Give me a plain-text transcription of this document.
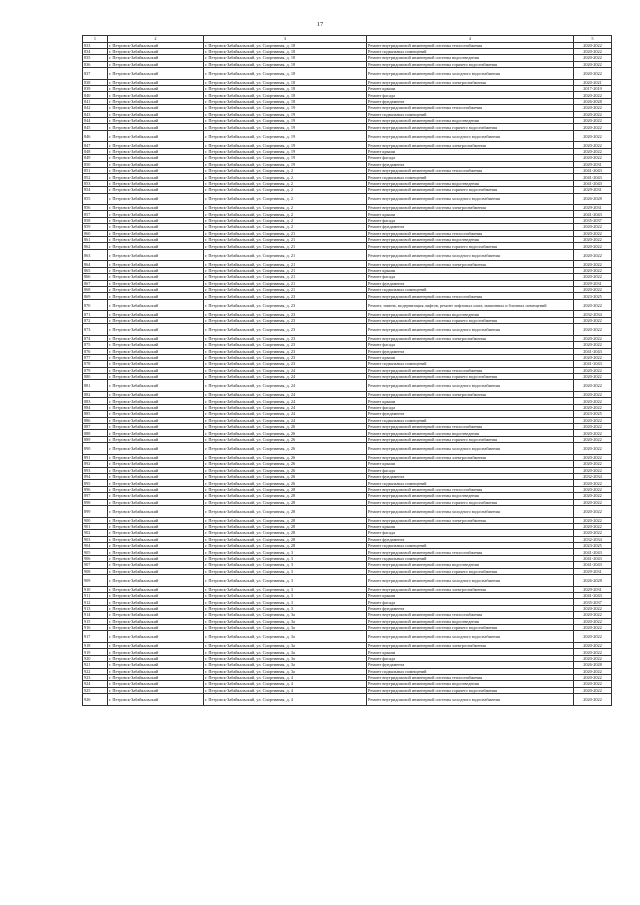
17
1	2	3	4	5
833	г. Петровск-Забайкальский	г. Петровск-Забайкальский, ул. Спортивная, д. 18	Ремонт внутридомовой инженерной системы теплоснабжения	2020-2022
834	г. Петровск-Забайкальский	г. Петровск-Забайкальский, ул. Спортивная, д. 18	Ремонт подвальных помещений	2020-2022
835	г. Петровск-Забайкальский	г. Петровск-Забайкальский, ул. Спортивная, д. 18	Ремонт внутридомовой инженерной системы водоотведения	2020-2022
836	г. Петровск-Забайкальский	г. Петровск-Забайкальский, ул. Спортивная, д. 18	Ремонт внутридомовой инженерной системы горячего водоснабжения	2020-2022
837	г. Петровск-Забайкальский	г. Петровск-Забайкальский, ул. Спортивная, д. 18	Ремонт внутридомовой инженерной системы холодного водоснабжения	2020-2022
838	г. Петровск-Забайкальский	г. Петровск-Забайкальский, ул. Спортивная, д. 18	Ремонт внутридомовой инженерной системы электроснабжения	2020-2021
839	г. Петровск-Забайкальский	г. Петровск-Забайкальский, ул. Спортивная, д. 18	Ремонт крыши	2017-2019
840	г. Петровск-Забайкальский	г. Петровск-Забайкальский, ул. Спортивная, д. 18	Ремонт фасада	2020-2022
841	г. Петровск-Забайкальский	г. Петровск-Забайкальский, ул. Спортивная, д. 18	Ремонт фундамента	2026-2028
842	г. Петровск-Забайкальский	г. Петровск-Забайкальский, ул. Спортивная, д. 19	Ремонт внутридомовой инженерной системы теплоснабжения	2020-2022
843	г. Петровск-Забайкальский	г. Петровск-Забайкальский, ул. Спортивная, д. 19	Ремонт подвальных помещений	2020-2022
844	г. Петровск-Забайкальский	г. Петровск-Забайкальский, ул. Спортивная, д. 19	Ремонт внутридомовой инженерной системы водоотведения	2020-2022
845	г. Петровск-Забайкальский	г. Петровск-Забайкальский, ул. Спортивная, д. 19	Ремонт внутридомовой инженерной системы горячего водоснабжения	2020-2022
846	г. Петровск-Забайкальский	г. Петровск-Забайкальский, ул. Спортивная, д. 19	Ремонт внутридомовой инженерной системы холодного водоснабжения	2020-2022
847	г. Петровск-Забайкальский	г. Петровск-Забайкальский, ул. Спортивная, д. 19	Ремонт внутридомовой инженерной системы электроснабжения	2020-2022
848	г. Петровск-Забайкальский	г. Петровск-Забайкальский, ул. Спортивная, д. 19	Ремонт крыши	2020-2022
849	г. Петровск-Забайкальский	г. Петровск-Забайкальский, ул. Спортивная, д. 19	Ремонт фасада	2020-2022
850	г. Петровск-Забайкальский	г. Петровск-Забайкальский, ул. Спортивная, д. 19	Ремонт фундамента	2029-2031
851	г. Петровск-Забайкальский	г. Петровск-Забайкальский, ул. Спортивная, д. 2	Ремонт внутридомовой инженерной системы теплоснабжения	2041-2043
852	г. Петровск-Забайкальский	г. Петровск-Забайкальский, ул. Спортивная, д. 2	Ремонт подвальных помещений	2041-2043
853	г. Петровск-Забайкальский	г. Петровск-Забайкальский, ул. Спортивная, д. 2	Ремонт внутридомовой инженерной системы водоотведения	2041-2043
854	г. Петровск-Забайкальский	г. Петровск-Забайкальский, ул. Спортивная, д. 2	Ремонт внутридомовой инженерной системы горячего водоснабжения	2029-2031
855	г. Петровск-Забайкальский	г. Петровск-Забайкальский, ул. Спортивная, д. 2	Ремонт внутридомовой инженерной системы холодного водоснабжения	2026-2028
856	г. Петровск-Забайкальский	г. Петровск-Забайкальский, ул. Спортивная, д. 2	Ремонт внутридомовой инженерной системы электроснабжения	2029-2031
857	г. Петровск-Забайкальский	г. Петровск-Забайкальский, ул. Спортивная, д. 2	Ремонт крыши	2041-2043
858	г. Петровск-Забайкальский	г. Петровск-Забайкальский, ул. Спортивная, д. 2	Ремонт фасада	2035-2037
859	г. Петровск-Забайкальский	г. Петровск-Забайкальский, ул. Спортивная, д. 2	Ремонт фундамента	2020-2022
860	г. Петровск-Забайкальский	г. Петровск-Забайкальский, ул. Спортивная, д. 21	Ремонт внутридомовой инженерной системы теплоснабжения	2020-2022
861	г. Петровск-Забайкальский	г. Петровск-Забайкальский, ул. Спортивная, д. 21	Ремонт внутридомовой инженерной системы водоотведения	2020-2022
862	г. Петровск-Забайкальский	г. Петровск-Забайкальский, ул. Спортивная, д. 21	Ремонт внутридомовой инженерной системы горячего водоснабжения	2020-2022
863	г. Петровск-Забайкальский	г. Петровск-Забайкальский, ул. Спортивная, д. 21	Ремонт внутридомовой инженерной системы холодного водоснабжения	2020-2022
864	г. Петровск-Забайкальский	г. Петровск-Забайкальский, ул. Спортивная, д. 21	Ремонт внутридомовой инженерной системы электроснабжения	2020-2022
865	г. Петровск-Забайкальский	г. Петровск-Забайкальский, ул. Спортивная, д. 21	Ремонт крыши	2020-2022
866	г. Петровск-Забайкальский	г. Петровск-Забайкальский, ул. Спортивная, д. 21	Ремонт фасада	2020-2022
867	г. Петровск-Забайкальский	г. Петровск-Забайкальский, ул. Спортивная, д. 21	Ремонт фундамента	2029-2031
868	г. Петровск-Забайкальский	г. Петровск-Забайкальский, ул. Спортивная, д. 21	Ремонт подвальных помещений	2020-2022
869	г. Петровск-Забайкальский	г. Петровск-Забайкальский, ул. Спортивная, д. 23	Ремонт внутридомовой инженерной системы теплоснабжения	2023-2025
870	г. Петровск-Забайкальский	г. Петровск-Забайкальский, ул. Спортивная, д. 23	Ремонт, замена, модернизация лифтов, ремонт лифтовых шахт, машинных и блочных помещений	2020-2022
871	г. Петровск-Забайкальский	г. Петровск-Забайкальский, ул. Спортивная, д. 23	Ремонт внутридомовой инженерной системы водоотведения	2032-2034
872	г. Петровск-Забайкальский	г. Петровск-Забайкальский, ул. Спортивная, д. 23	Ремонт внутридомовой инженерной системы горячего водоснабжения	2020-2022
873	г. Петровск-Забайкальский	г. Петровск-Забайкальский, ул. Спортивная, д. 23	Ремонт внутридомовой инженерной системы холодного водоснабжения	2020-2022
874	г. Петровск-Забайкальский	г. Петровск-Забайкальский, ул. Спортивная, д. 23	Ремонт внутридомовой инженерной системы электроснабжения	2020-2022
875	г. Петровск-Забайкальский	г. Петровск-Забайкальский, ул. Спортивная, д. 23	Ремонт фасада	2020-2022
876	г. Петровск-Забайкальский	г. Петровск-Забайкальский, ул. Спортивная, д. 23	Ремонт фундамента	2041-2043
877	г. Петровск-Забайкальский	г. Петровск-Забайкальский, ул. Спортивная, д. 23	Ремонт крыши	2020-2022
878	г. Петровск-Забайкальский	г. Петровск-Забайкальский, ул. Спортивная, д. 23	Ремонт подвальных помещений	2041-2043
879	г. Петровск-Забайкальский	г. Петровск-Забайкальский, ул. Спортивная, д. 24	Ремонт внутридомовой инженерной системы теплоснабжения	2020-2022
880	г. Петровск-Забайкальский	г. Петровск-Забайкальский, ул. Спортивная, д. 24	Ремонт внутридомовой инженерной системы горячего водоснабжения	2020-2022
881	г. Петровск-Забайкальский	г. Петровск-Забайкальский, ул. Спортивная, д. 24	Ремонт внутридомовой инженерной системы холодного водоснабжения	2020-2022
882	г. Петровск-Забайкальский	г. Петровск-Забайкальский, ул. Спортивная, д. 24	Ремонт внутридомовой инженерной системы электроснабжения	2020-2022
883	г. Петровск-Забайкальский	г. Петровск-Забайкальский, ул. Спортивная, д. 24	Ремонт крыши	2020-2022
884	г. Петровск-Забайкальский	г. Петровск-Забайкальский, ул. Спортивная, д. 24	Ремонт фасада	2020-2022
885	г. Петровск-Забайкальский	г. Петровск-Забайкальский, ул. Спортивная, д. 24	Ремонт фундамента	2023-2025
886	г. Петровск-Забайкальский	г. Петровск-Забайкальский, ул. Спортивная, д. 24	Ремонт подвальных помещений	2020-2022
887	г. Петровск-Забайкальский	г. Петровск-Забайкальский, ул. Спортивная, д. 26	Ремонт внутридомовой инженерной системы теплоснабжения	2020-2022
888	г. Петровск-Забайкальский	г. Петровск-Забайкальский, ул. Спортивная, д. 26	Ремонт внутридомовой инженерной системы водоотведения	2020-2022
889	г. Петровск-Забайкальский	г. Петровск-Забайкальский, ул. Спортивная, д. 26	Ремонт внутридомовой инженерной системы горячего водоснабжения	2020-2022
890	г. Петровск-Забайкальский	г. Петровск-Забайкальский, ул. Спортивная, д. 26	Ремонт внутридомовой инженерной системы холодного водоснабжения	2020-2022
891	г. Петровск-Забайкальский	г. Петровск-Забайкальский, ул. Спортивная, д. 26	Ремонт внутридомовой инженерной системы электроснабжения	2020-2022
892	г. Петровск-Забайкальский	г. Петровск-Забайкальский, ул. Спортивная, д. 26	Ремонт крыши	2020-2022
893	г. Петровск-Забайкальский	г. Петровск-Забайкальский, ул. Спортивная, д. 26	Ремонт фасада	2020-2022
894	г. Петровск-Забайкальский	г. Петровск-Забайкальский, ул. Спортивная, д. 26	Ремонт фундамента	2032-2034
895	г. Петровск-Забайкальский	г. Петровск-Забайкальский, ул. Спортивная, д. 26	Ремонт подвальных помещений	2020-2022
896	г. Петровск-Забайкальский	г. Петровск-Забайкальский, ул. Спортивная, д. 28	Ремонт внутридомовой инженерной системы теплоснабжения	2020-2022
897	г. Петровск-Забайкальский	г. Петровск-Забайкальский, ул. Спортивная, д. 28	Ремонт внутридомовой инженерной системы водоотведения	2020-2022
898	г. Петровск-Забайкальский	г. Петровск-Забайкальский, ул. Спортивная, д. 28	Ремонт внутридомовой инженерной системы горячего водоснабжения	2020-2022
899	г. Петровск-Забайкальский	г. Петровск-Забайкальский, ул. Спортивная, д. 28	Ремонт внутридомовой инженерной системы холодного водоснабжения	2020-2022
900	г. Петровск-Забайкальский	г. Петровск-Забайкальский, ул. Спортивная, д. 28	Ремонт внутридомовой инженерной системы электроснабжения	2020-2022
901	г. Петровск-Забайкальский	г. Петровск-Забайкальский, ул. Спортивная, д. 28	Ремонт крыши	2020-2022
902	г. Петровск-Забайкальский	г. Петровск-Забайкальский, ул. Спортивная, д. 28	Ремонт фасада	2020-2022
903	г. Петровск-Забайкальский	г. Петровск-Забайкальский, ул. Спортивная, д. 28	Ремонт фундамента	2032-2034
904	г. Петровск-Забайкальский	г. Петровск-Забайкальский, ул. Спортивная, д. 28	Ремонт подвальных помещений	2023-2025
905	г. Петровск-Забайкальский	г. Петровск-Забайкальский, ул. Спортивная, д. 3	Ремонт внутридомовой инженерной системы теплоснабжения	2041-2043
906	г. Петровск-Забайкальский	г. Петровск-Забайкальский, ул. Спортивная, д. 3	Ремонт подвальных помещений	2041-2043
907	г. Петровск-Забайкальский	г. Петровск-Забайкальский, ул. Спортивная, д. 3	Ремонт внутридомовой инженерной системы водоотведения	2041-2043
908	г. Петровск-Забайкальский	г. Петровск-Забайкальский, ул. Спортивная, д. 3	Ремонт внутридомовой инженерной системы горячего водоснабжения	2029-2031
909	г. Петровск-Забайкальский	г. Петровск-Забайкальский, ул. Спортивная, д. 3	Ремонт внутридомовой инженерной системы холодного водоснабжения	2026-2028
910	г. Петровск-Забайкальский	г. Петровск-Забайкальский, ул. Спортивная, д. 3	Ремонт внутридомовой инженерной системы электроснабжения	2029-2031
911	г. Петровск-Забайкальский	г. Петровск-Забайкальский, ул. Спортивная, д. 3	Ремонт крыши	2041-2043
912	г. Петровск-Забайкальский	г. Петровск-Забайкальский, ул. Спортивная, д. 3	Ремонт фасада	2035-2037
913	г. Петровск-Забайкальский	г. Петровск-Забайкальский, ул. Спортивная, д. 3	Ремонт фундамента	2020-2022
914	г. Петровск-Забайкальский	г. Петровск-Забайкальский, ул. Спортивная, д. 3а	Ремонт внутридомовой инженерной системы теплоснабжения	2020-2022
915	г. Петровск-Забайкальский	г. Петровск-Забайкальский, ул. Спортивная, д. 3а	Ремонт внутридомовой инженерной системы водоотведения	2020-2022
916	г. Петровск-Забайкальский	г. Петровск-Забайкальский, ул. Спортивная, д. 3а	Ремонт внутридомовой инженерной системы горячего водоснабжения	2020-2022
917	г. Петровск-Забайкальский	г. Петровск-Забайкальский, ул. Спортивная, д. 3а	Ремонт внутридомовой инженерной системы холодного водоснабжения	2020-2022
918	г. Петровск-Забайкальский	г. Петровск-Забайкальский, ул. Спортивная, д. 3а	Ремонт внутридомовой инженерной системы электроснабжения	2020-2022
919	г. Петровск-Забайкальский	г. Петровск-Забайкальский, ул. Спортивная, д. 3а	Ремонт крыши	2020-2022
920	г. Петровск-Забайкальский	г. Петровск-Забайкальский, ул. Спортивная, д. 3а	Ремонт фасада	2020-2022
921	г. Петровск-Забайкальский	г. Петровск-Забайкальский, ул. Спортивная, д. 3а	Ремонт фундамента	2026-2028
922	г. Петровск-Забайкальский	г. Петровск-Забайкальский, ул. Спортивная, д. 3а	Ремонт подвальных помещений	2020-2022
923	г. Петровск-Забайкальский	г. Петровск-Забайкальский, ул. Спортивная, д. 4	Ремонт внутридомовой инженерной системы теплоснабжения	2020-2022
924	г. Петровск-Забайкальский	г. Петровск-Забайкальский, ул. Спортивная, д. 4	Ремонт внутридомовой инженерной системы водоотведения	2020-2022
925	г. Петровск-Забайкальский	г. Петровск-Забайкальский, ул. Спортивная, д. 4	Ремонт внутридомовой инженерной системы горячего водоснабжения	2020-2022
926	г. Петровск-Забайкальский	г. Петровск-Забайкальский, ул. Спортивная, д. 4	Ремонт внутридомовой инженерной системы холодного водоснабжения	2020-2022
